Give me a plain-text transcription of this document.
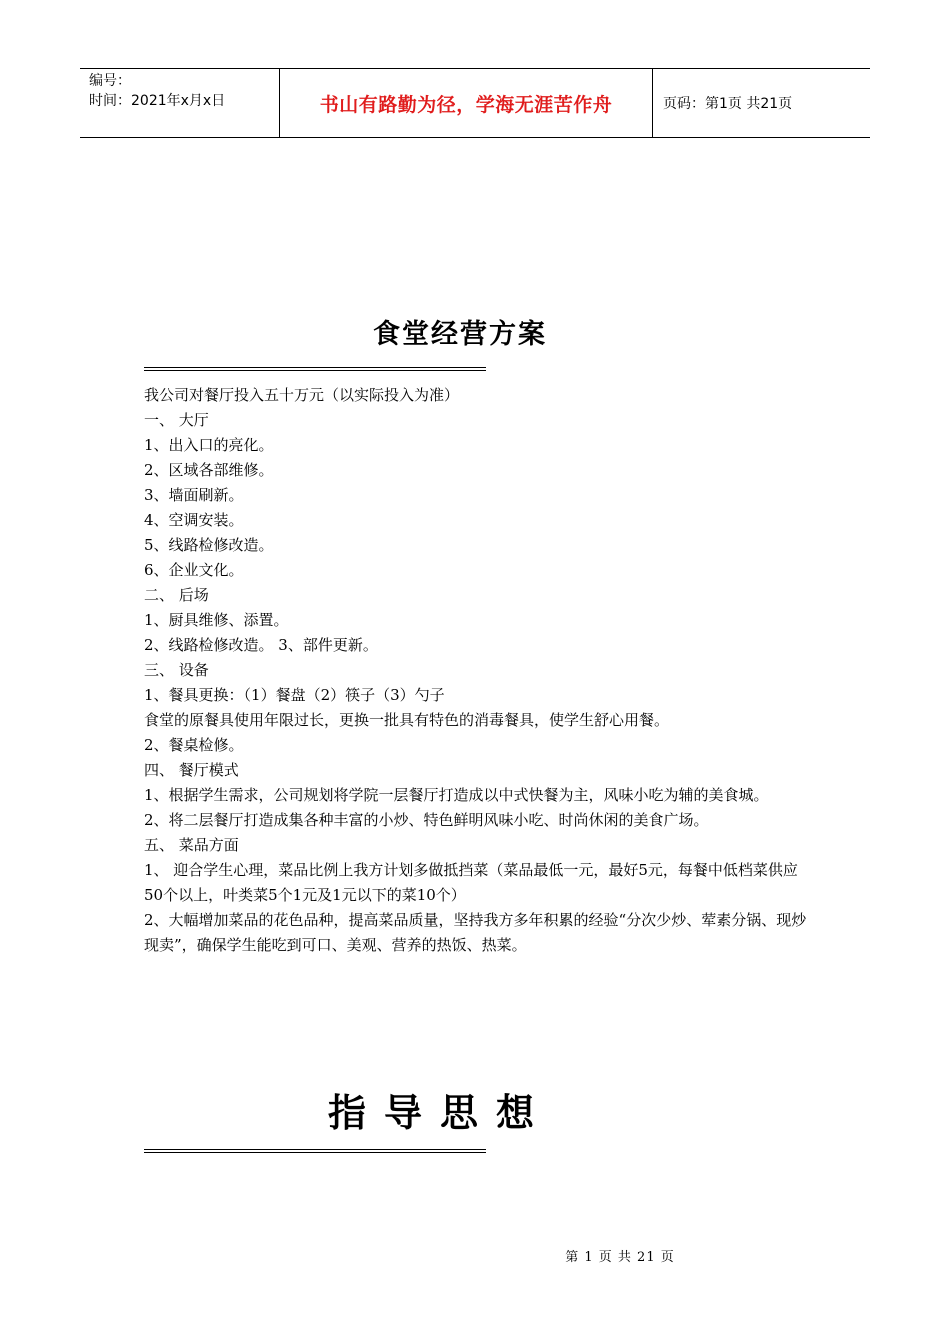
编号：
时间：2021年x月x日	书山有路勤为径，学海无涯苦作舟	页码：第1页 共21页
食堂经营方案

我公司对餐厅投入五十万元（以实际投入为准）

一、 大厅

1、出入口的亮化。

2、区域各部维修。

3、墙面刷新。

4、空调安装。

5、线路检修改造。

6、企业文化。

二、 后场

1、厨具维修、添置。

2、线路检修改造。 3、部件更新。

三、 设备

1、餐具更换：（1）餐盘（2）筷子（3）勺子

食堂的原餐具使用年限过长，更换一批具有特色的消毒餐具，使学生舒心用餐。

2、餐桌检修。

四、 餐厅模式

1、根据学生需求，公司规划将学院一层餐厅打造成以中式快餐为主，风味小吃为辅的美食城。

2、将二层餐厅打造成集各种丰富的小炒、特色鲜明风味小吃、时尚休闲的美食广场。

五、 菜品方面

1、 迎合学生心理，菜品比例上我方计划多做抵挡菜（菜品最低一元，最好5元，每餐中低档菜供应50个以上，叶类菜5个1元及1元以下的菜10个）

2、大幅增加菜品的花色品种，提高菜品质量，坚持我方多年积累的经验“分次少炒、荤素分锅、现炒现卖”，确保学生能吃到可口、美观、营养的热饭、热菜。

指导思想
第 1 页 共 21 页
